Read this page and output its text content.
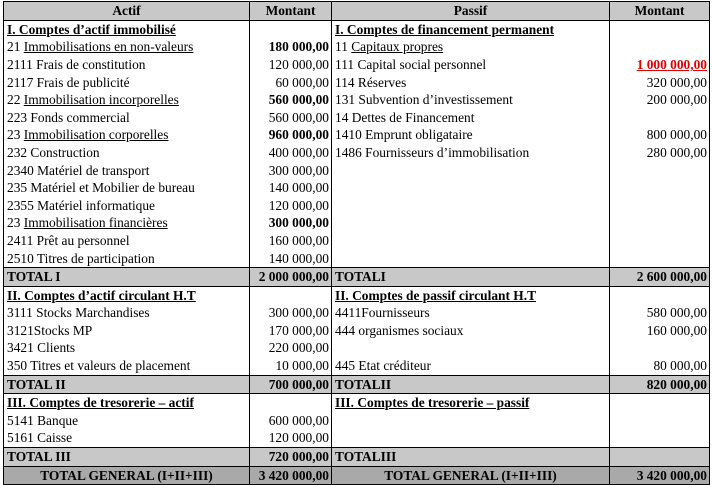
Actif	Montant	Passif	Montant
I. Comptes d’actif immobilisé		I. Comptes de financement permanent	
21 Immobilisations en non-valeurs	180 000,00	11 Capitaux propres	
2111 Frais de constitution	120 000,00	111 Capital social personnel	1 000 000,00
2117 Frais de publicité	60 000,00	114 Réserves	320 000,00
22 Immobilisation incorporelles	560 000,00	131 Subvention d’investissement	200 000,00
223 Fonds commercial	560 000,00	14 Dettes de Financement	
23 Immobilisation corporelles	960 000,00	1410 Emprunt obligataire	800 000,00
232 Construction	400 000,00	1486 Fournisseurs d’immobilisation	280 000,00
2340 Matériel de transport	300 000,00		
235 Matériel et Mobilier de bureau	140 000,00		
2355 Matériel informatique	120 000,00		
23 Immobilisation financières	300 000,00		
2411 Prêt au personnel	160 000,00		
2510 Titres de participation	140 000,00		
TOTAL I	2 000 000,00	TOTALI	2 600 000,00
II. Comptes d’actif circulant H.T		II. Comptes de passif circulant H.T	
3111 Stocks Marchandises	300 000,00	4411Fournisseurs	580 000,00
3121Stocks MP	170 000,00	444 organismes sociaux	160 000,00
3421 Clients	220 000,00		
350 Titres et valeurs de placement	10 000,00	445 Etat créditeur	80 000,00
TOTAL II	700 000,00	TOTALII	820 000,00
III. Comptes de tresorerie – actif		III. Comptes de tresorerie – passif	
5141 Banque	600 000,00		
5161 Caisse	120 000,00		
TOTAL III	720 000,00	TOTALIII	
TOTAL GENERAL (I+II+III)	3 420 000,00	TOTAL GENERAL (I+II+III)	3 420 000,00
